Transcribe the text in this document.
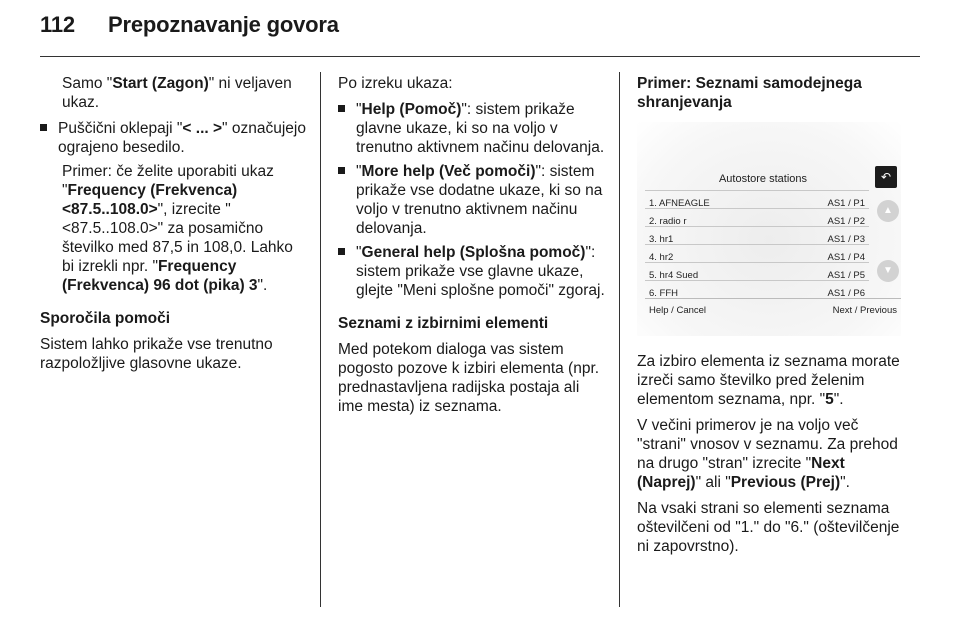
112 Prepoznavanje govora

Samo "Start (Zagon)" ni veljaven ukaz.

Puščični oklepaji "< ... >" označujejo ograjeno besedilo.

Primer: če želite uporabiti ukaz "Frequency (Frekvenca) <87.5..108.0>", izrecite "<87.5..108.0>" za posamično številko med 87,5 in 108,0. Lahko bi izrekli npr. "Frequency (Frekvenca) 96 dot (pika) 3".

Sporočila pomoči

Sistem lahko prikaže vse trenutno razpoložljive glasovne ukaze.

Po izreku ukaza:

"Help (Pomoč)": sistem prikaže glavne ukaze, ki so na voljo v trenutno aktivnem načinu delovanja.
"More help (Več pomoči)": sistem prikaže vse dodatne ukaze, ki so na voljo v trenutno aktivnem načinu delovanja.
"General help (Splošna pomoč)": sistem prikaže vse glavne ukaze, glejte "Meni splošne pomoči" zgoraj.

Seznami z izbirnimi elementi

Med potekom dialoga vas sistem pogosto pozove k izbiri elementa (npr. prednastavljena radijska postaja ali ime mesta) iz seznama.

Primer: Seznami samodejnega shranjevanja

Autostore stations	↶
1. AFNEAGLE	AS1 / P1
2. radio r	AS1 / P2
3. hr1	AS1 / P3
4. hr2	AS1 / P4
5. hr4 Sued	AS1 / P5
6. FFH	AS1 / P6
▲
▼
Help / Cancel	Next / Previous

Za izbiro elementa iz seznama morate izreči samo številko pred želenim elementom seznama, npr. "5".

V večini primerov je na voljo več "strani" vnosov v seznamu. Za prehod na drugo "stran" izrecite "Next (Naprej)" ali "Previous (Prej)".

Na vsaki strani so elementi seznama oštevilčeni od "1." do "6." (oštevilčenje ni zapovrstno).
